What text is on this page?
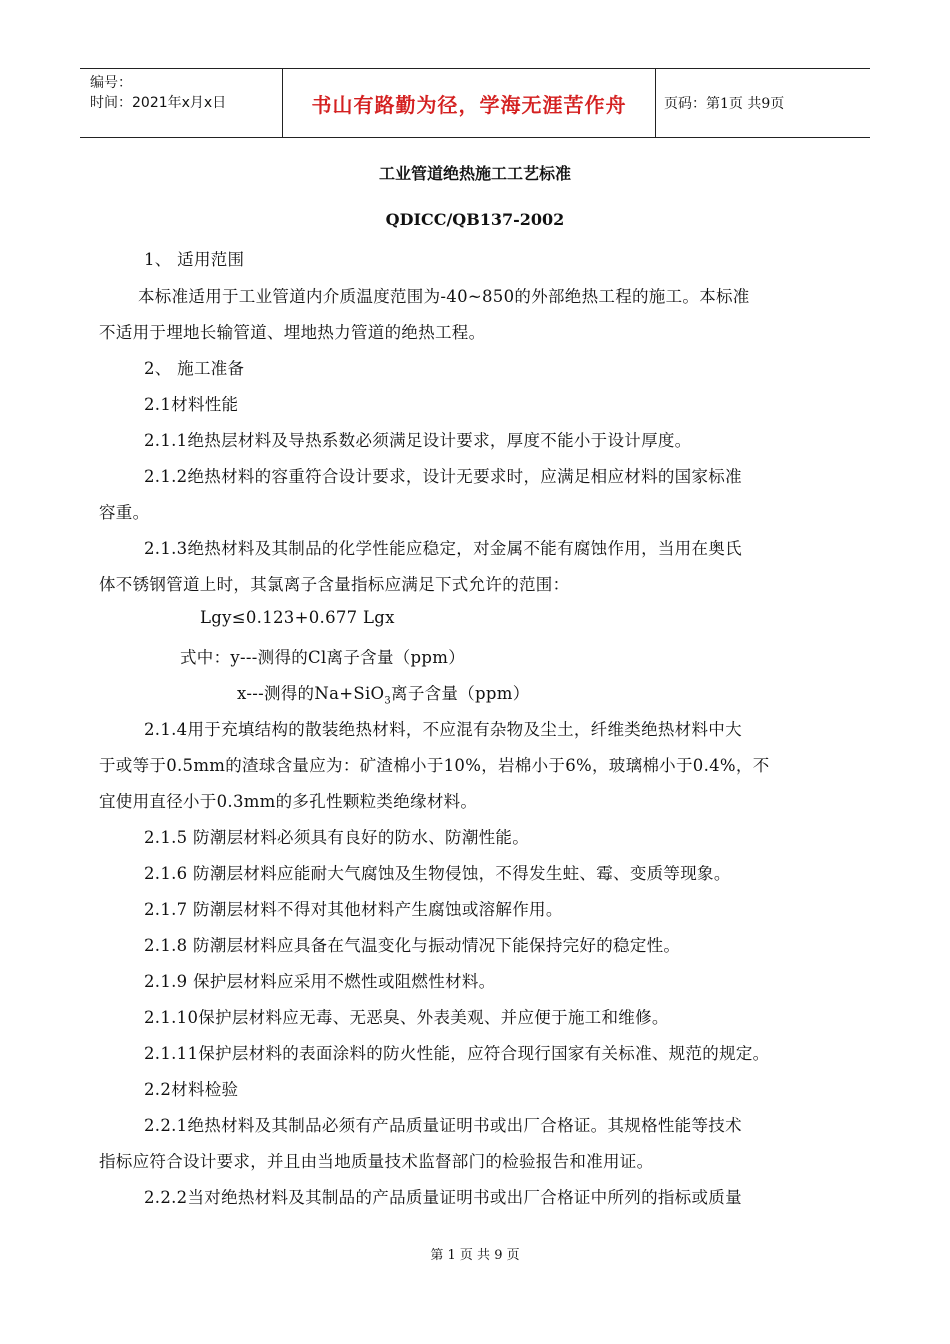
编号：
时间：2021年x月x日	书山有路勤为径，学海无涯苦作舟	页码：第1页 共9页
工业管道绝热施工工艺标准
QDICC/QB137-2002
1、 适用范围
本标准适用于工业管道内介质温度范围为-40~850的外部绝热工程的施工。本标准
不适用于埋地长输管道、埋地热力管道的绝热工程。
2、 施工准备
2.1材料性能
2.1.1绝热层材料及导热系数必须满足设计要求，厚度不能小于设计厚度。
2.1.2绝热材料的容重符合设计要求，设计无要求时，应满足相应材料的国家标准
容重。
2.1.3绝热材料及其制品的化学性能应稳定，对金属不能有腐蚀作用，当用在奥氏
体不锈钢管道上时，其氯离子含量指标应满足下式允许的范围：
Lgy≤0.123+0.677 Lgx
式中：y---测得的Cl离子含量（ppm）
x---测得的Na+SiO$_3$离子含量（ppm）
2.1.4用于充填结构的散装绝热材料，不应混有杂物及尘土，纤维类绝热材料中大
于或等于0.5mm的渣球含量应为：矿渣棉小于10%，岩棉小于6%，玻璃棉小于0.4%，不
宜使用直径小于0.3mm的多孔性颗粒类绝缘材料。
2.1.5 防潮层材料必须具有良好的防水、防潮性能。
2.1.6 防潮层材料应能耐大气腐蚀及生物侵蚀，不得发生蛀、霉、变质等现象。
2.1.7 防潮层材料不得对其他材料产生腐蚀或溶解作用。
2.1.8 防潮层材料应具备在气温变化与振动情况下能保持完好的稳定性。
2.1.9 保护层材料应采用不燃性或阻燃性材料。
2.1.10保护层材料应无毒、无恶臭、外表美观、并应便于施工和维修。
2.1.11保护层材料的表面涂料的防火性能，应符合现行国家有关标准、规范的规定。
2.2材料检验
2.2.1绝热材料及其制品必须有产品质量证明书或出厂合格证。其规格性能等技术
指标应符合设计要求，并且由当地质量技术监督部门的检验报告和准用证。
2.2.2当对绝热材料及其制品的产品质量证明书或出厂合格证中所列的指标或质量
第 1 页 共 9 页
